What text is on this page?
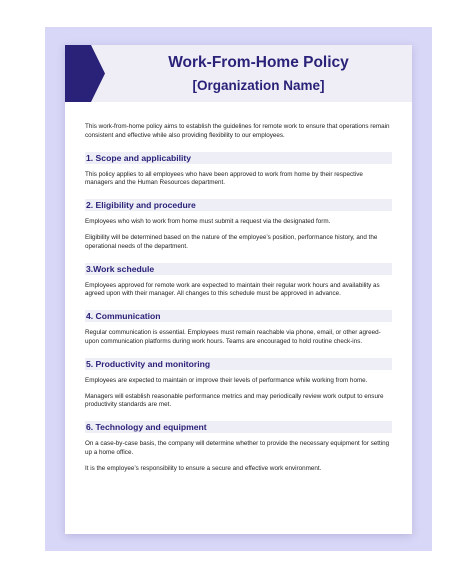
Work-From-Home Policy
[Organization Name]

This work-from-home policy aims to establish the guidelines for remote work to ensure that operations remain consistent and effective while also providing flexibility to our employees.

1. Scope and applicability

This policy applies to all employees who have been approved to work from home by their respective managers and the Human Resources department.

2. Eligibility and procedure

Employees who wish to work from home must submit a request via the designated form.

Eligibility will be determined based on the nature of the employee’s position, performance history, and the operational needs of the department.

3.Work schedule

Employees approved for remote work are expected to maintain their regular work hours and availability as agreed upon with their manager. All changes to this schedule must be approved in advance.

4. Communication

Regular communication is essential. Employees must remain reachable via phone, email, or other agreed-upon communication platforms during work hours. Teams are encouraged to hold routine check-ins.

5. Productivity and monitoring

Employees are expected to maintain or improve their levels of performance while working from home.

Managers will establish reasonable performance metrics and may periodically review work output to ensure productivity standards are met.

6. Technology and equipment

On a case-by-case basis, the company will determine whether to provide the necessary equipment for setting up a home office.

It is the employee’s responsibility to ensure a secure and effective work environment.
